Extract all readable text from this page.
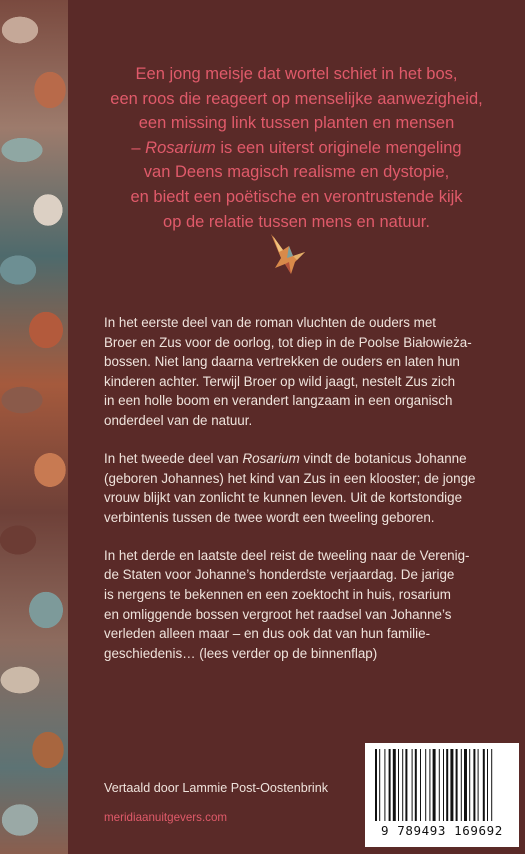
Een jong meisje dat wortel schiet in het bos,
een roos die reageert op menselijke aanwezigheid,
een missing link tussen planten en mensen
– Rosarium is een uiterst originele mengeling
van Deens magisch realisme en dystopie,
en biedt een poëtische en verontrustende kijk
op de relatie tussen mens en natuur.
In het eerste deel van de roman vluchten de ouders met
Broer en Zus voor de oorlog, tot diep in de Poolse Białowieża-
bossen. Niet lang daarna vertrekken de ouders en laten hun
kinderen achter. Terwijl Broer op wild jaagt, nestelt Zus zich
in een holle boom en verandert langzaam in een organisch
onderdeel van de natuur.
In het tweede deel van Rosarium vindt de botanicus Johanne
(geboren Johannes) het kind van Zus in een klooster; de jonge
vrouw blijkt van zonlicht te kunnen leven. Uit de kortstondige
verbintenis tussen de twee wordt een tweeling geboren.
In het derde en laatste deel reist de tweeling naar de Verenig-
de Staten voor Johanne’s honderdste verjaardag. De jarige
is nergens te bekennen en een zoektocht in huis, rosarium
en omliggende bossen vergroot het raadsel van Johanne’s
verleden alleen maar – en dus ook dat van hun familie-
geschiedenis… (lees verder op de binnenflap)
Vertaald door Lammie Post-Oostenbrink
meridiaanuitgevers.com
9 789493 169692
